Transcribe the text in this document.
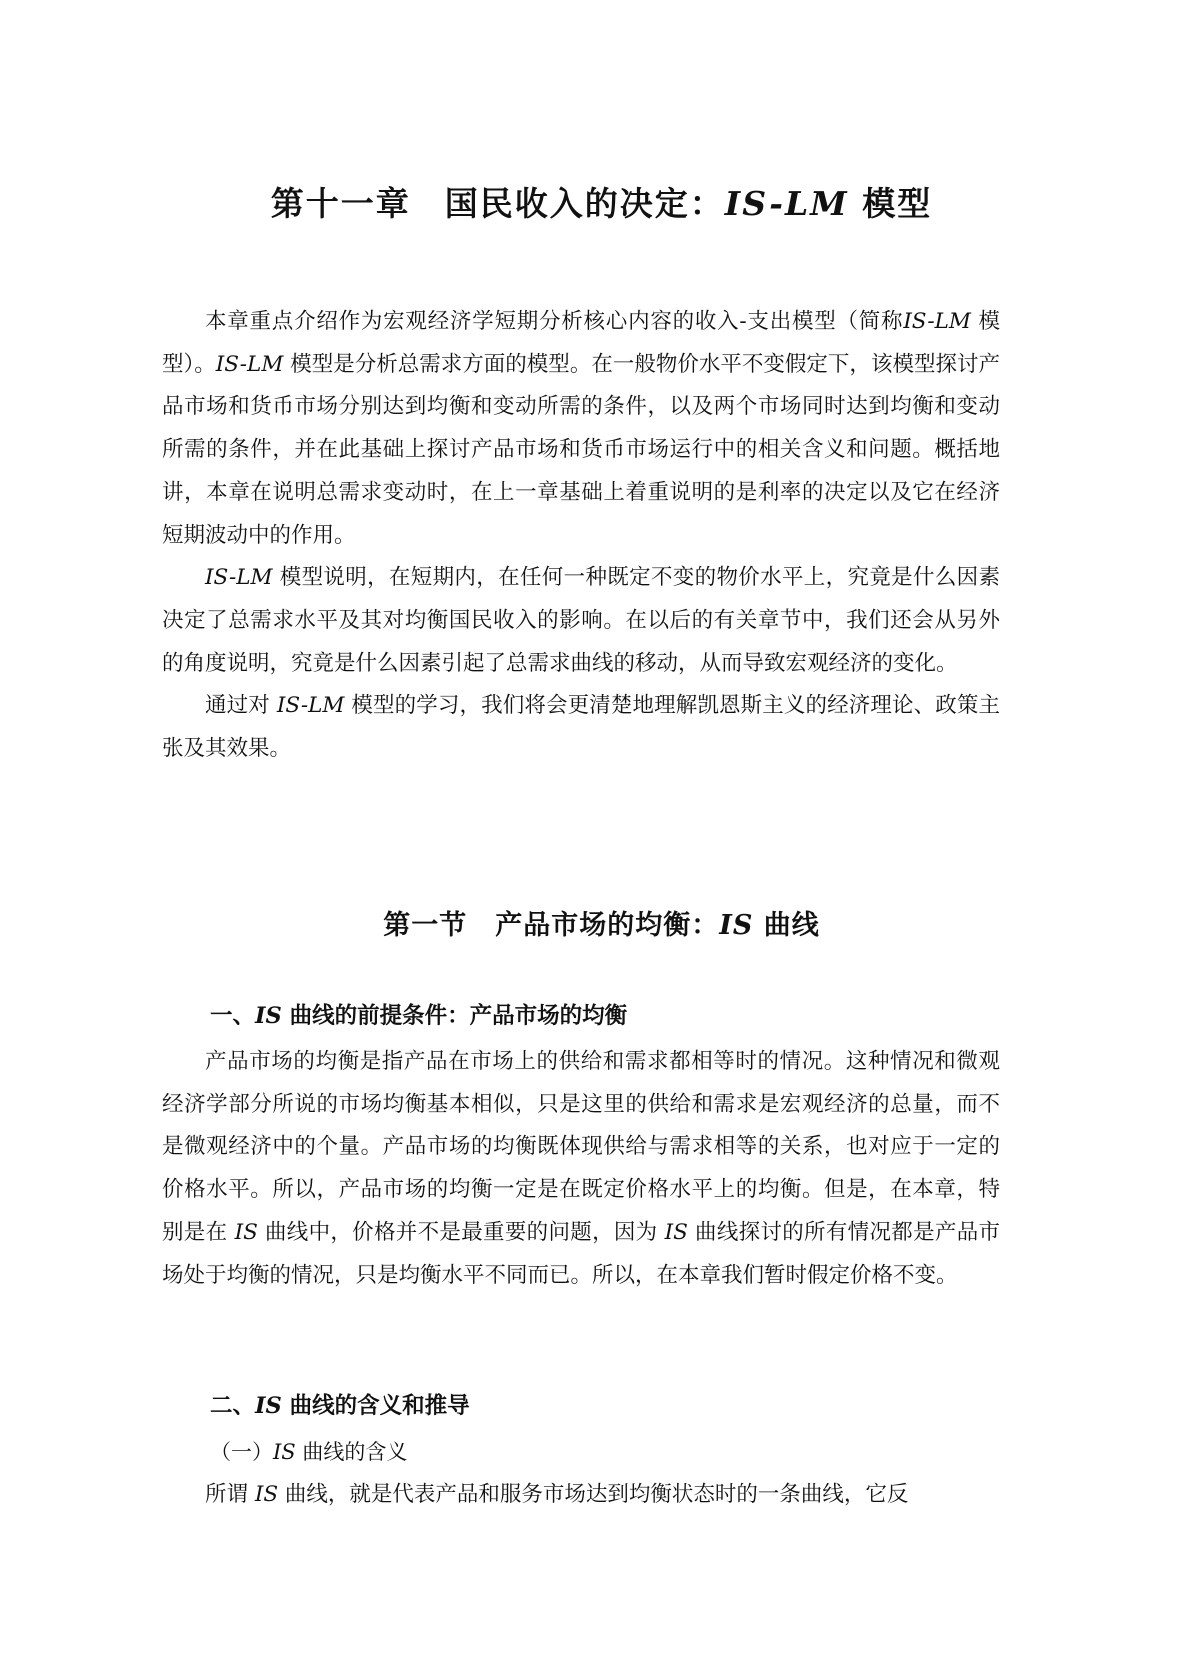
第十一章 国民收入的决定：IS-LM 模型

本章重点介绍作为宏观经济学短期分析核心内容的收入-支出模型（简称IS-LM 模型）。IS-LM 模型是分析总需求方面的模型。在一般物价水平不变假定下，该模型探讨产品市场和货币市场分别达到均衡和变动所需的条件，以及两个市场同时达到均衡和变动所需的条件，并在此基础上探讨产品市场和货币市场运行中的相关含义和问题。概括地讲，本章在说明总需求变动时，在上一章基础上着重说明的是利率的决定以及它在经济短期波动中的作用。

IS-LM 模型说明，在短期内，在任何一种既定不变的物价水平上，究竟是什么因素决定了总需求水平及其对均衡国民收入的影响。在以后的有关章节中，我们还会从另外的角度说明，究竟是什么因素引起了总需求曲线的移动，从而导致宏观经济的变化。

通过对 IS-LM 模型的学习，我们将会更清楚地理解凯恩斯主义的经济理论、政策主张及其效果。

第一节 产品市场的均衡：IS 曲线
一、IS 曲线的前提条件：产品市场的均衡

产品市场的均衡是指产品在市场上的供给和需求都相等时的情况。这种情况和微观经济学部分所说的市场均衡基本相似，只是这里的供给和需求是宏观经济的总量，而不是微观经济中的个量。产品市场的均衡既体现供给与需求相等的关系，也对应于一定的价格水平。所以，产品市场的均衡一定是在既定价格水平上的均衡。但是，在本章，特别是在 IS 曲线中，价格并不是最重要的问题，因为 IS 曲线探讨的所有情况都是产品市场处于均衡的情况，只是均衡水平不同而已。所以，在本章我们暂时假定价格不变。

二、IS 曲线的含义和推导
（一）IS 曲线的含义

所谓 IS 曲线，就是代表产品和服务市场达到均衡状态时的一条曲线，它反
